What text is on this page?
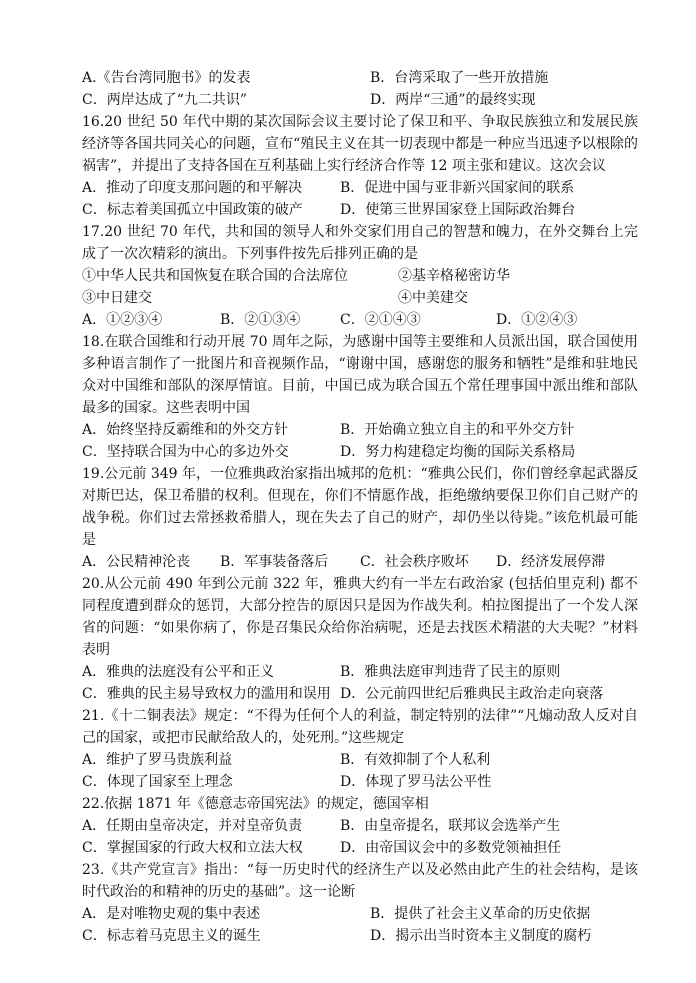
A.《告台湾同胞书》的发表	B．台湾采取了一些开放措施
C．两岸达成了“九二共识”	D．两岸“三通”的最终实现
16.20 世纪 50 年代中期的某次国际会议主要讨论了保卫和平、争取民族独立和发展民族经济等各国共同关心的问题，宣布“殖民主义在其一切表现中都是一种应当迅速予以根除的祸害”，并提出了支持各国在互利基础上实行经济合作等 12 项主张和建议。这次会议
A．推动了印度支那问题的和平解决	B．促进中国与亚非新兴国家间的联系
C．标志着美国孤立中国政策的破产	D．使第三世界国家登上国际政治舞台
17.20 世纪 70 年代，共和国的领导人和外交家们用自己的智慧和魄力，在外交舞台上完成了一次次精彩的演出。下列事件按先后排列正确的是
①中华人民共和国恢复在联合国的合法席位	②基辛格秘密访华
③中日建交	④中美建交
A．①②③④	B．②①③④	C．②①④③	D．①②④③
18.在联合国维和行动开展 70 周年之际，为感谢中国等主要维和人员派出国，联合国使用多种语言制作了一批图片和音视频作品，“谢谢中国，感谢您的服务和牺牲”是维和驻地民众对中国维和部队的深厚情谊。目前，中国已成为联合国五个常任理事国中派出维和部队最多的国家。这些表明中国
A．始终坚持反霸维和的外交方针	B．开始确立独立自主的和平外交方针
C．坚持联合国为中心的多边外交	D．努力构建稳定均衡的国际关系格局
19.公元前 349 年，一位雅典政治家指出城邦的危机：“雅典公民们，你们曾经拿起武器反对斯巴达，保卫希腊的权利。但现在，你们不情愿作战，拒绝缴纳要保卫你们自己财产的战争税。你们过去常拯救希腊人，现在失去了自己的财产，却仍坐以待毙。”该危机最可能是
A．公民精神沦丧 B．军事装备落后 C．社会秩序败坏 D．经济发展停滞
20.从公元前 490 年到公元前 322 年，雅典大约有一半左右政治家 (包括伯里克利) 都不同程度遭到群众的惩罚，大部分控告的原因只是因为作战失利。柏拉图提出了一个发人深省的问题：“如果你病了，你是召集民众给你治病呢，还是去找医术精湛的大夫呢？”材料表明
A．雅典的法庭没有公平和正义	B．雅典法庭审判违背了民主的原则
C．雅典的民主易导致权力的滥用和误用 D．公元前四世纪后雅典民主政治走向衰落
21.《十二铜表法》规定：“不得为任何个人的利益，制定特别的法律”“凡煽动敌人反对自己的国家，或把市民献给敌人的，处死刑。”这些规定
A．维护了罗马贵族利益	B．有效抑制了个人私利
C．体现了国家至上理念	D．体现了罗马法公平性
22.依据 1871 年《德意志帝国宪法》的规定，德国宰相
A．任期由皇帝决定，并对皇帝负责	B．由皇帝提名，联邦议会选举产生
C．掌握国家的行政大权和立法大权	D．由帝国议会中的多数党领袖担任
23.《共产党宣言》指出：“每一历史时代的经济生产以及必然由此产生的社会结构，是该时代政治的和精神的历史的基础”。这一论断
A．是对唯物史观的集中表述	B．提供了社会主义革命的历史依据
C．标志着马克思主义的诞生	D．揭示出当时资本主义制度的腐朽
